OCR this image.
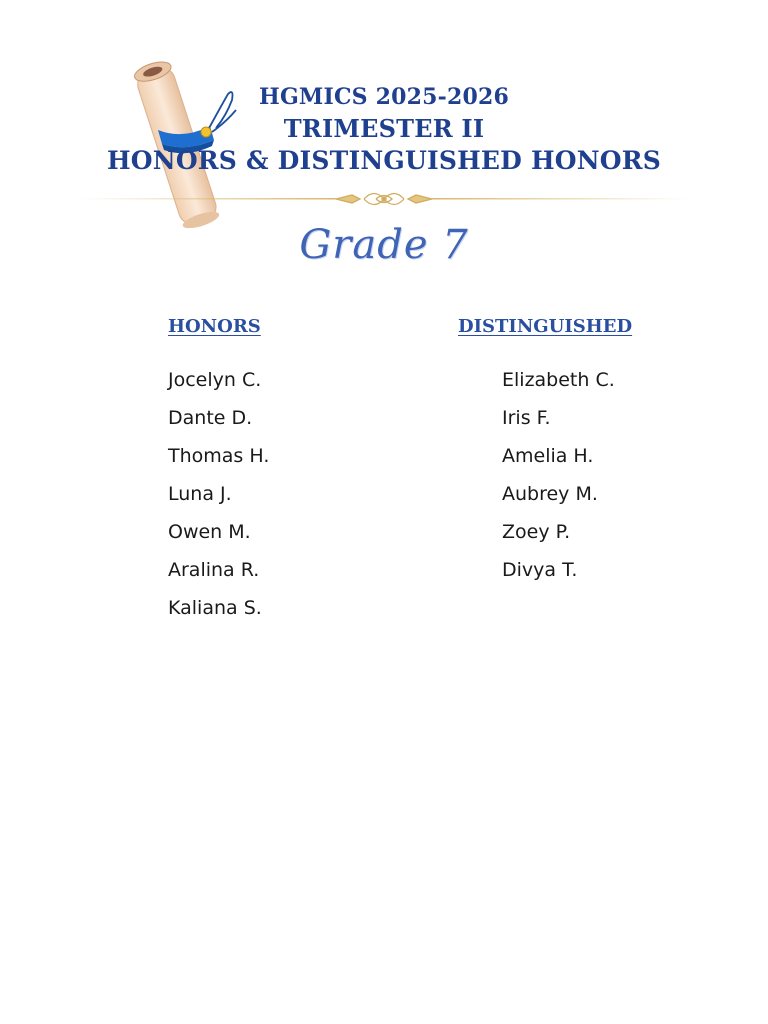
HGMICS 2025-2026
TRIMESTER II
HONORS & DISTINGUISHED HONORS
Grade 7
HONORS	DISTINGUISHED
Jocelyn C.
Dante D.
Thomas H.
Luna J.
Owen M.
Aralina R.
Kaliana S.
Elizabeth C.
Iris F.
Amelia H.
Aubrey M.
Zoey P.
Divya T.
